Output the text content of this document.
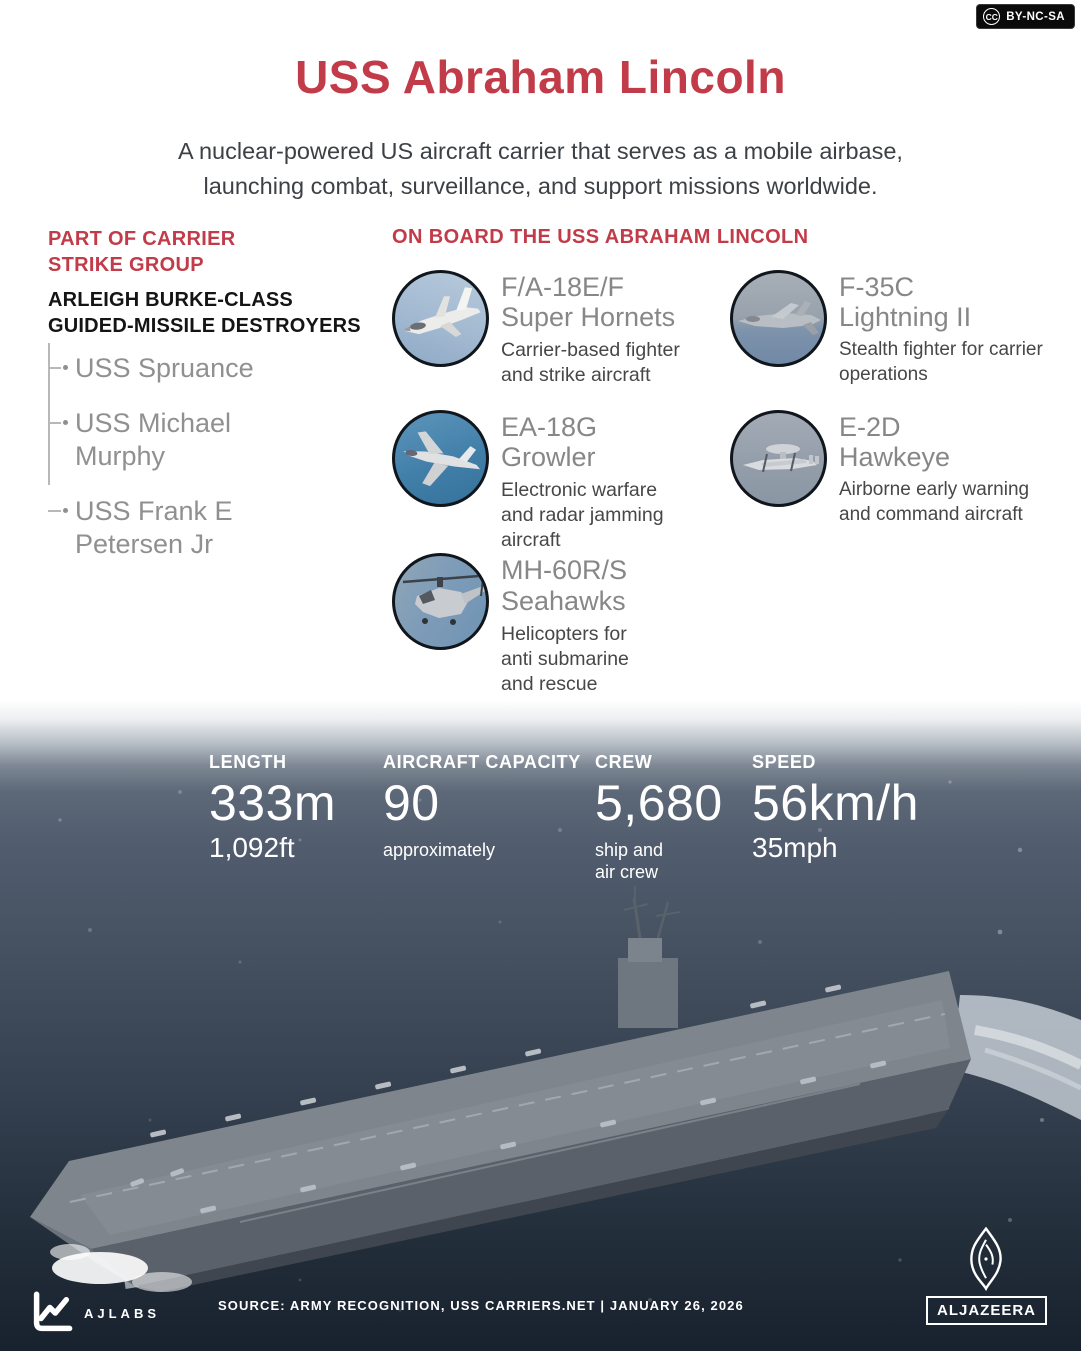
CC BY-NC-SA
USS Abraham Lincoln
A nuclear-powered US aircraft carrier that serves as a mobile airbase,
launching combat, surveillance, and support missions worldwide.
PART OF CARRIER
STRIKE GROUP
ARLEIGH BURKE-CLASS
GUIDED-MISSILE DESTROYERS
USS Spruance
USS Michael Murphy
USS Frank E Petersen Jr
ON BOARD THE USS ABRAHAM LINCOLN
F/A-18E/F
Super Hornets
Carrier-based fighter and strike aircraft
F-35C
Lightning II
Stealth fighter for carrier operations
EA-18G
Growler
Electronic warfare and radar jamming aircraft
E-2D
Hawkeye
Airborne early warning and command aircraft
MH-60R/S
Seahawks
Helicopters for anti submarine and rescue
LENGTH
333m
1,092ft
AIRCRAFT CAPACITY
90
approximately
CREW
5,680
ship and air crew
SPEED
56km/h
35mph
AJLABS	SOURCE: ARMY RECOGNITION, USS CARRIERS.NET | JANUARY 26, 2026	ALJAZEERA
